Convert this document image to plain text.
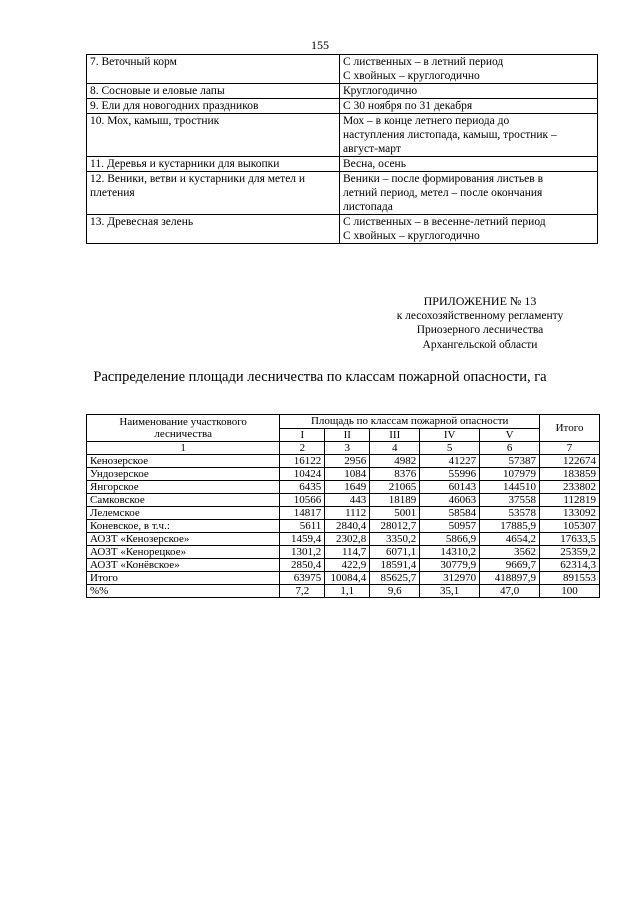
155
7. Веточный корм	С лиственных – в летний период
С хвойных – круглогодично

8. Сосновые и еловые лапы	Круглогодично

9. Ели для новогодних праздников	С 30 ноября по 31 декабря

10. Мох, камыш, тростник	Мох – в конце летнего периода до
наступления листопада, камыш, тростник –
август-март

11. Деревья и кустарники для выкопки	Весна, осень

12. Веники, ветви и кустарники для метел и плетения	Веники – после формирования листьев в
летний период, метел – после окончания
листопада

13. Древесная зелень	С лиственных – в весенне-летний период
С хвойных – круглогодично
ПРИЛОЖЕНИЕ № 13
к лесохозяйственному регламенту
Приозерного лесничества
Архангельской области
Распределение площади лесничества по классам пожарной опасности, га
Наименование участкового лесничества	Площадь по классам пожарной опасности					Итого
	I	II	III	IV	V	
1	2	3	4	5	6	7
Кенозерское	16122	2956	4982	41227	57387	122674
Ундозерское	10424	1084	8376	55996	107979	183859
Янгорское	6435	1649	21065	60143	144510	233802
Самковское	10566	443	18189	46063	37558	112819
Лелемское	14817	1112	5001	58584	53578	133092
Коневское, в т.ч.:	5611	2840,4	28012,7	50957	17885,9	105307
АОЗТ «Кенозерское»	1459,4	2302,8	3350,2	5866,9	4654,2	17633,5
АОЗТ «Кенорецкое»	1301,2	114,7	6071,1	14310,2	3562	25359,2
АОЗТ «Конёвское»	2850,4	422,9	18591,4	30779,9	9669,7	62314,3
Итого	63975	10084,4	85625,7	312970	418897,9	891553
%%	7,2	1,1	9,6	35,1	47,0	100
